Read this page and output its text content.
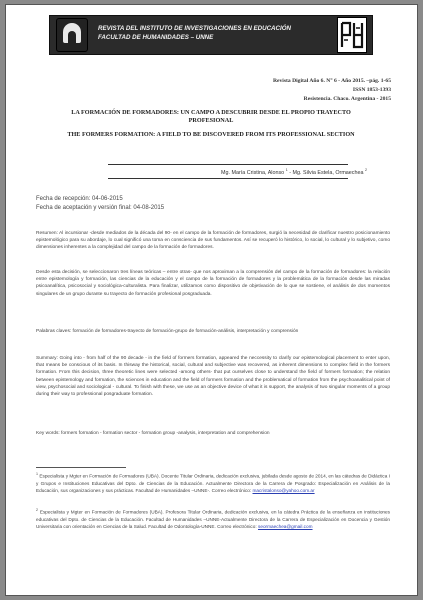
REVISTA DEL INSTITUTO DE INVESTIGACIONES EN EDUCACIÓN
FACULTAD DE HUMANIDADES – UNNE
Revista Digital Año 6. N° 6 - Año 2015. –pág. 1-65
ISSN 1853-1393
Resistencia. Chaco. Argentina - 2015
LA FORMACIÓN DE FORMADORES: UN CAMPO A DESCUBRIR DESDE EL PROPIO TRAYECTO PROFESIONAL
THE FORMERS FORMATION: A FIELD TO BE DISCOVERED FROM ITS PROFESSIONAL SECTION
Mg. María Cristina, Alonso $^1$ - Mg. Silvia Estela, Ormaechea $^2$
Fecha de recepción: 04-06-2015
Fecha de aceptación y versión final: 04-08-2015
Resumen: Al incursionar -desde mediados de la década del 90- en el campo de la formación de formadores, surgió la necesidad de clarificar nuestro posicionamiento epistemológico para su abordaje, lo cual significó una toma en consciencia de sus fundamentos. Así se recuperó lo histórico, lo social, lo cultural y lo subjetivo, como dimensiones inherentes a la complejidad del campo de la formación de formadores.
Desde esta decisión, se seleccionaron tres líneas teóricas – entre otras- que nos aproximan a la comprensión del campo de la formación de formadores: la relación entre epistemología y formación, las ciencias de la educación y el campo de la formación de formadores y la problemática de la formación desde las miradas psicoanalítica, psicosocial y sociológica-culturalista. Para finalizar, utilizamos como dispositivo de objetivación de lo que se sostiene, el análisis de dos momentos singulares de un grupo durante su trayecto de formación profesional posgraduada.
Palabras claves: formación de formadores-trayecto de formación-grupo de formación-análisis, interpretación y comprensión
Summary: Going into - from half of the 90 decade - in the field of formers formation, appeared the neccessity to clarify our epistemological placement to enter upon, that means be conscious of its basis. In thisway the historical, social, cultural and subjective was recovered, as inherent dimensions to complex field in the formers formation. From this decision, three theoretic lines were selected -among others- that put ourselves close to understand the field of formers formation; the relation between epistemology and formation, the sciences in education and the field of formers formation and the problematical of formation from the psychoanalitical point of view, psychosocial and sociological - cultural. To finish with these, we use as an objective device of what it is support, the analysis of two singular moments of a group during their way to professional posgraduate formation.
Key words: formers formation - formation sector - formation group -analysis, interpretation and comprehension
$^1$ Especialista y Mgter en Formación de Formadores (UBA). Docente Titular Ordinaria, dedicación exclusiva, jubilada desde agosto de 2014, en las cátedras de Didáctica I y Grupos e Instituciones Educativas del Dpto. de Ciencias de la Educación. Actualmente Directora de la Carrera de Posgrado: Especialización en Análisis de la Educación, sus organizaciones y sus prácticas. Facultad de Humanidades –UNNE-. Correo electrónico: macristalonso@yahoo.com.ar
$^2$ Especialista y Mgter en Formación de Formadores (UBA). Profesora Titular Ordinaria, dedicación exclusiva, en la cátedra Práctica de la enseñanza en instituciones educativas del Dpto. de Ciencias de la Educación. Facultad de Humanidades –UNNE-Actualmente Directora de la Carrera de Especialización en Docencia y Gestión Universitaria con orientación en Ciencias de la Salud. Facultad de Odontología-UNNE. Correo electrónico: seormaechea@gmail.com
